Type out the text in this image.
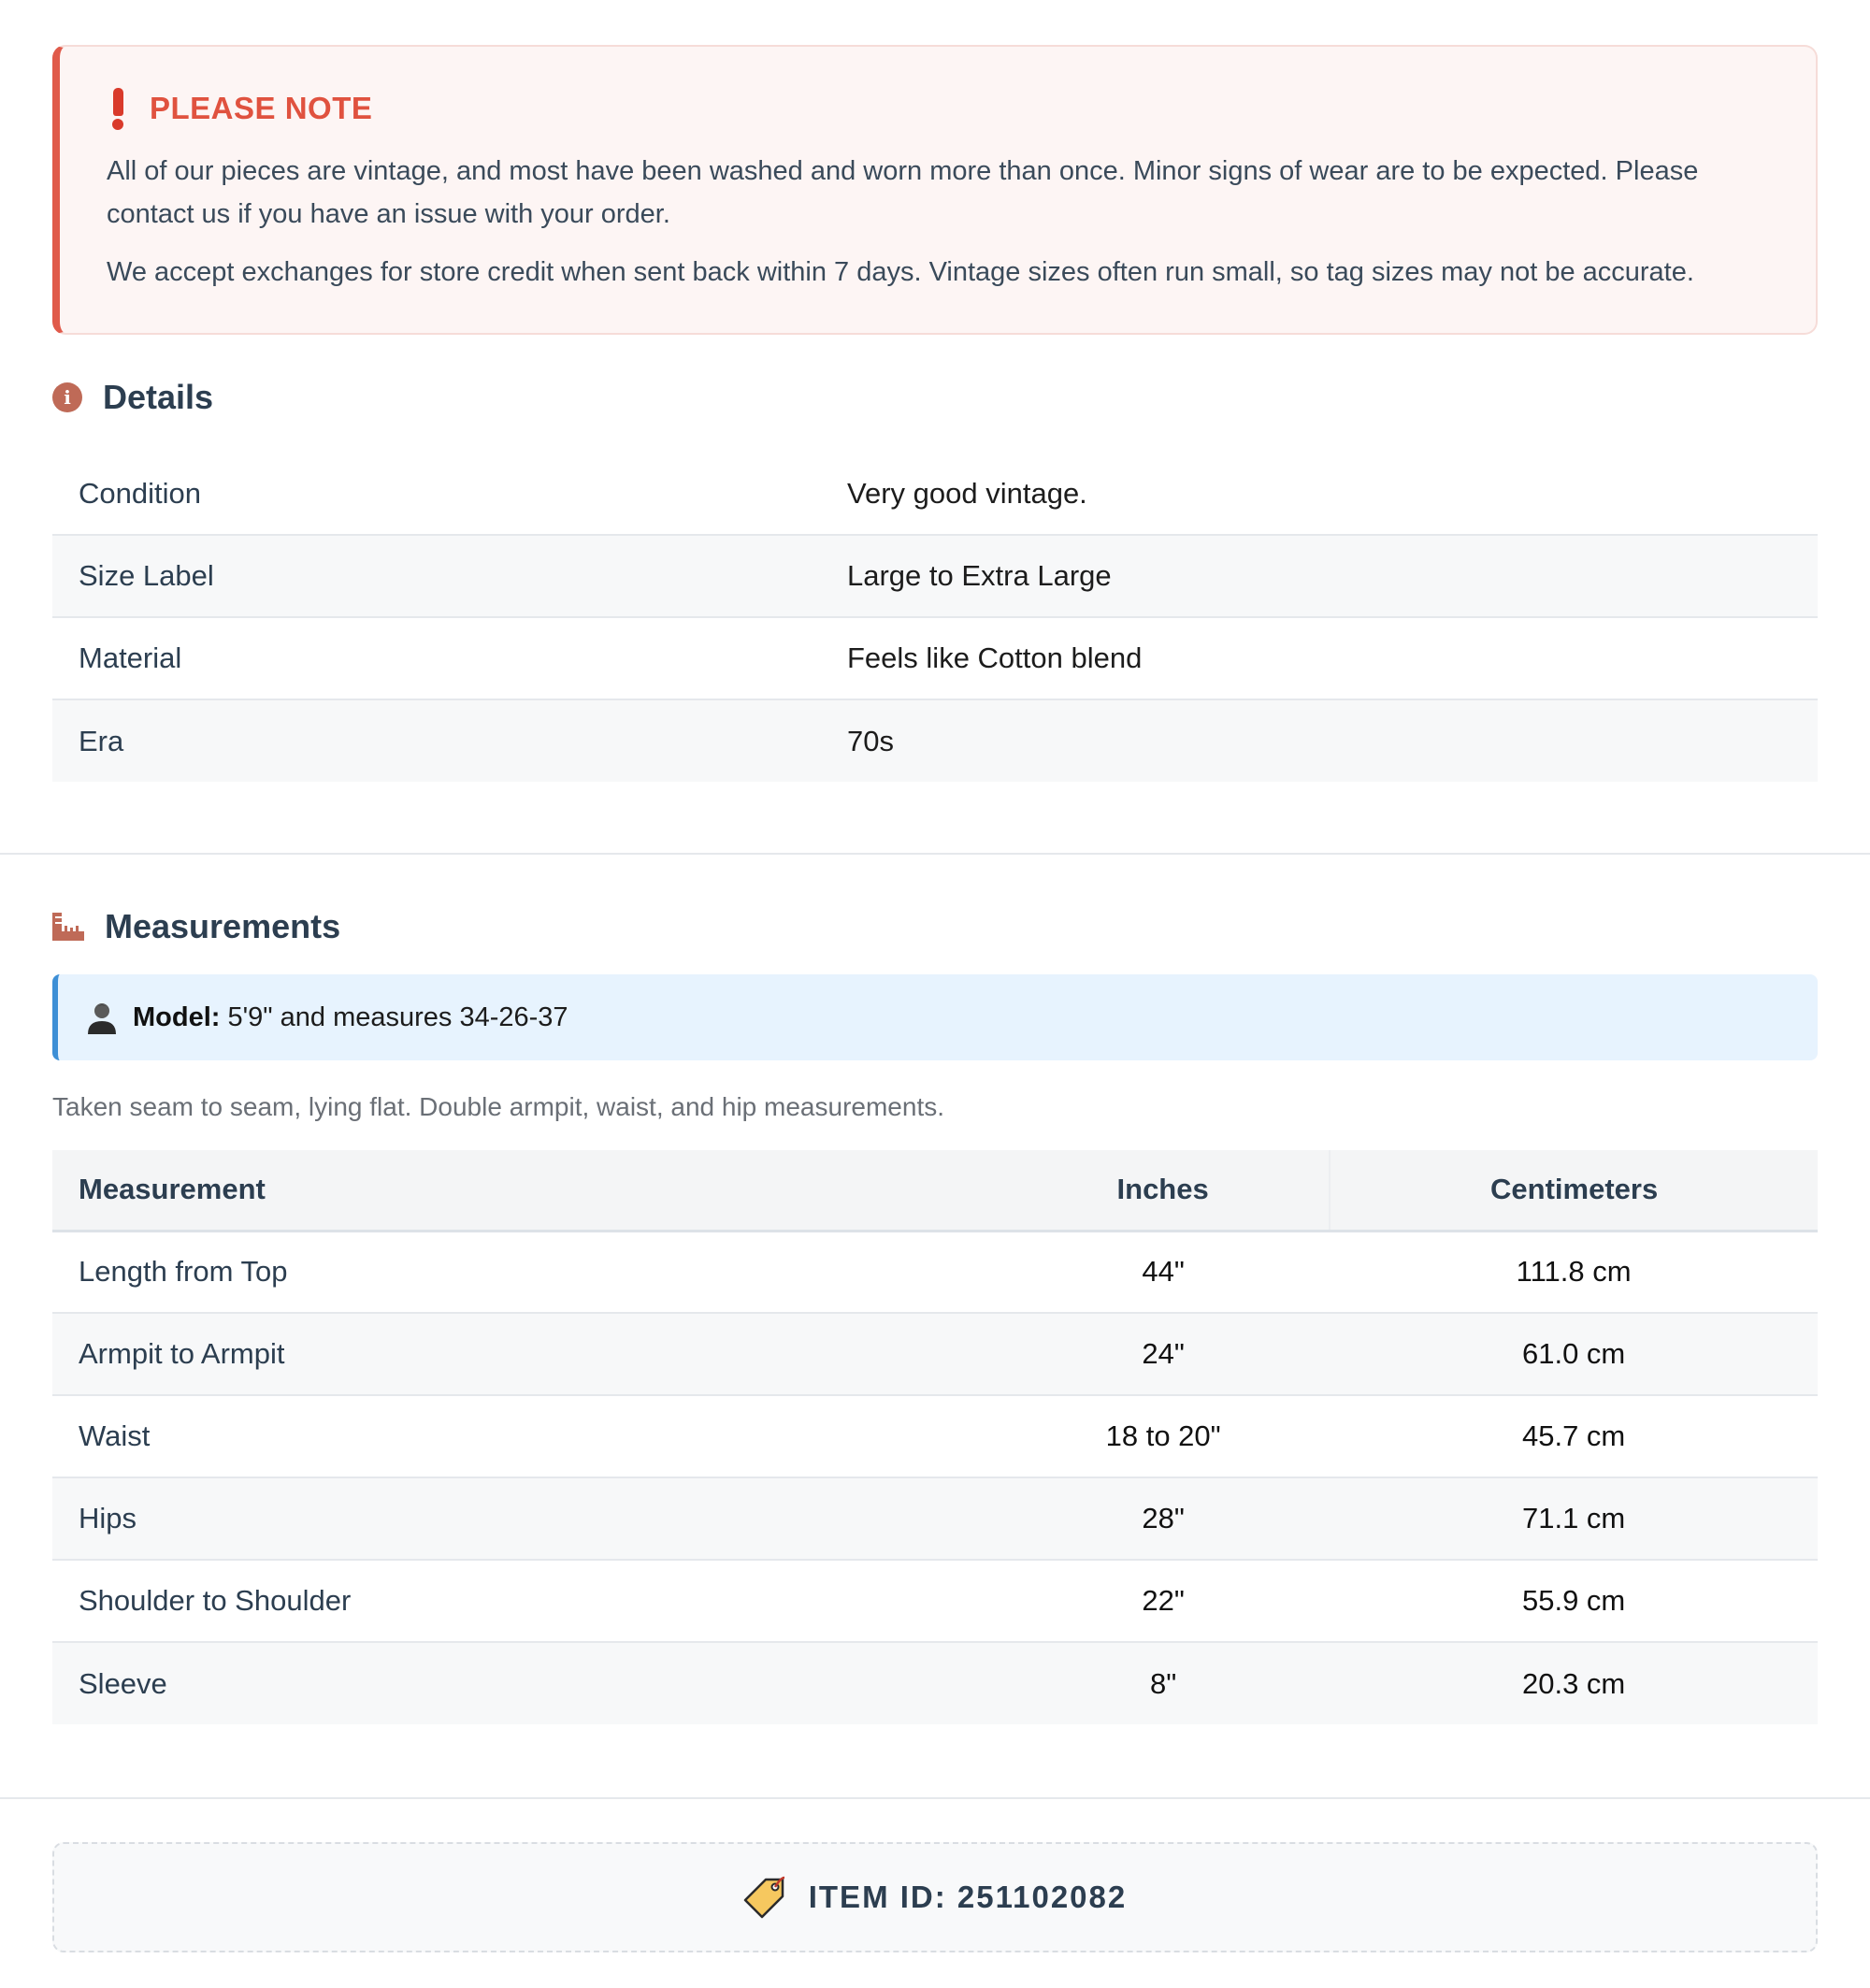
PLEASE NOTE

All of our pieces are vintage, and most have been washed and worn more than once. Minor signs of wear are to be expected. Please contact us if you have an issue with your order.

We accept exchanges for store credit when sent back within 7 days. Vintage sizes often run small, so tag sizes may not be accurate.

i Details
Condition	Very good vintage.
Size Label	Large to Extra Large
Material	Feels like Cotton blend
Era	70s
Measurements
Model: 5'9" and measures 34-26-37
Taken seam to seam, lying flat. Double armpit, waist, and hip measurements.
Measurement	Inches	Centimeters
Length from Top	44"	111.8 cm
Armpit to Armpit	24"	61.0 cm
Waist	18 to 20"	45.7 cm
Hips	28"	71.1 cm
Shoulder to Shoulder	22"	55.9 cm
Sleeve	8"	20.3 cm
ITEM ID: 251102082
